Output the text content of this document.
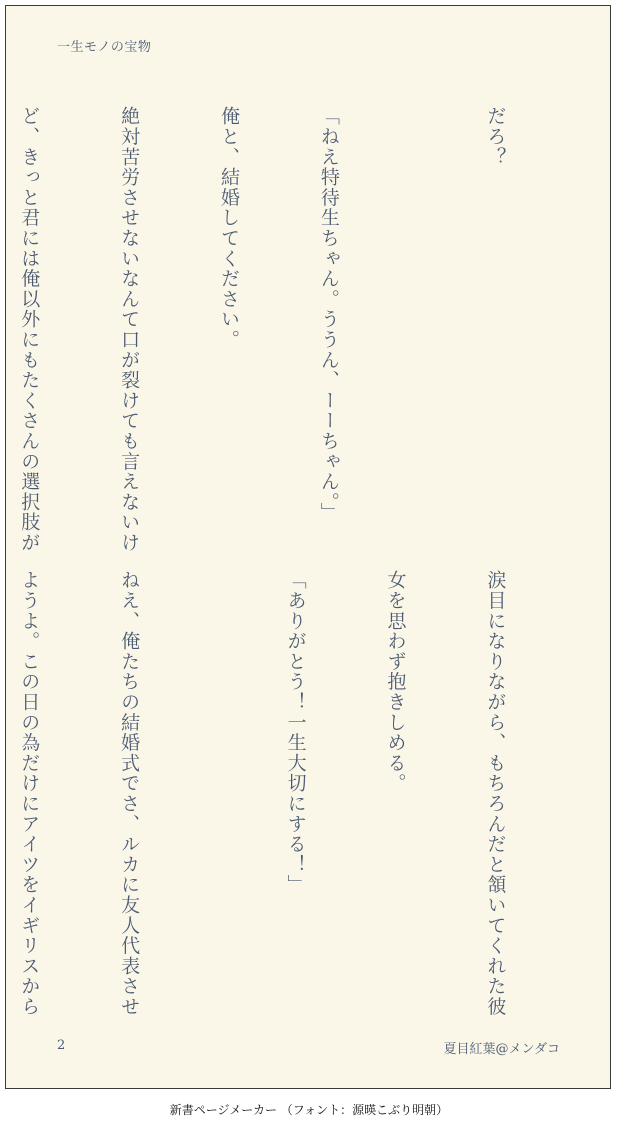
一生モノの宝物

だろ？

「ねえ特待生ちゃん。ううん、ーーちゃん。」

俺と、結婚してください。

絶対苦労させないなんて口が裂けても言えないけ

ど、きっと君には俺以外にもたくさんの選択肢が

涙目になりながら、もちろんだと頷いてくれた彼

女を思わず抱きしめる。

「ありがとう！一生大切にする！」

ねえ、俺たちの結婚式でさ、ルカに友人代表させ

ようよ。この日の為だけにアイツをイギリスから

2	夏目紅葉@メンダコ
新書ページメーカー （フォント：源暎こぶり明朝）
